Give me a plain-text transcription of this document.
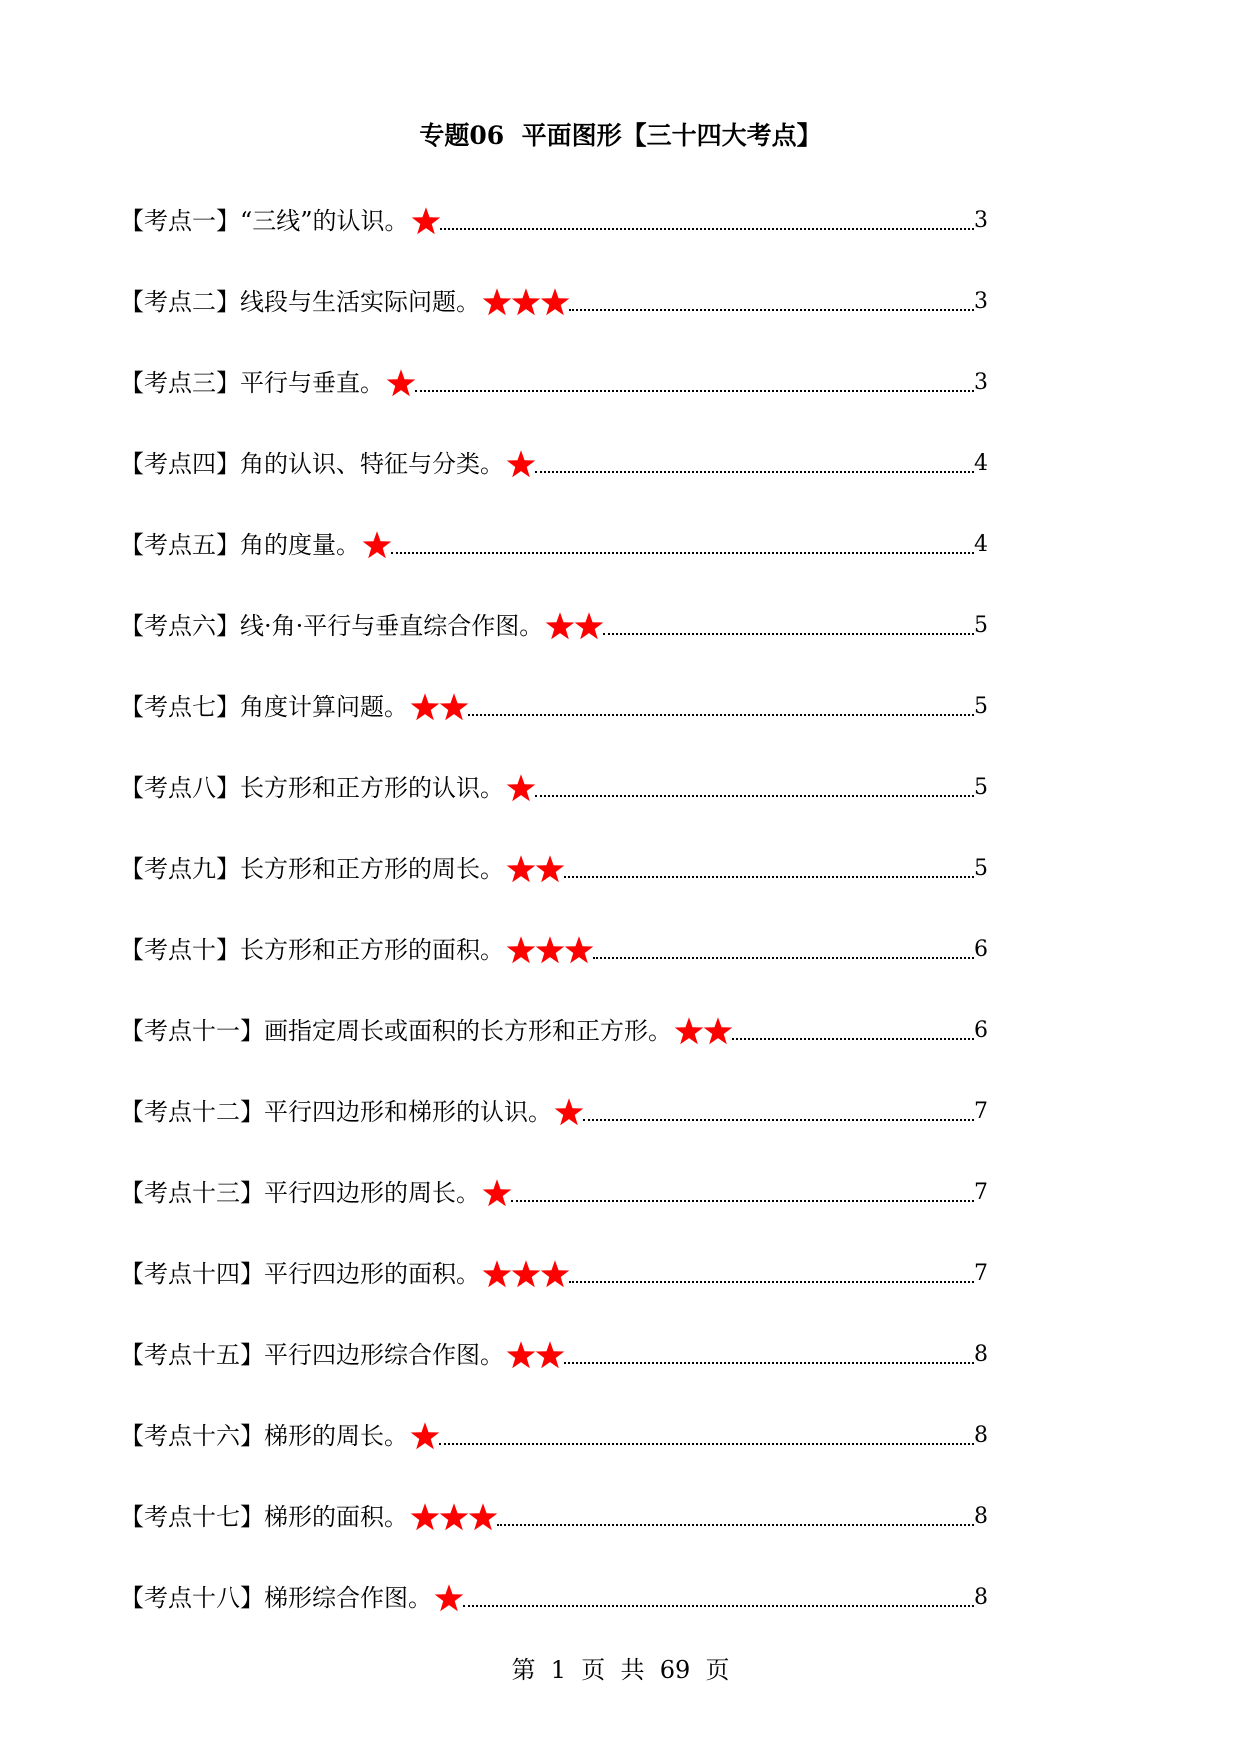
专题06  平面图形【三十四大考点】
【考点一】“三线”的认识。	3
【考点二】线段与生活实际问题。	3
【考点三】平行与垂直。	3
【考点四】角的认识、特征与分类。	4
【考点五】角的度量。	4
【考点六】线·角·平行与垂直综合作图。	5
【考点七】角度计算问题。	5
【考点八】长方形和正方形的认识。	5
【考点九】长方形和正方形的周长。	5
【考点十】长方形和正方形的面积。	6
【考点十一】画指定周长或面积的长方形和正方形。	6
【考点十二】平行四边形和梯形的认识。	7
【考点十三】平行四边形的周长。	7
【考点十四】平行四边形的面积。	7
【考点十五】平行四边形综合作图。	8
【考点十六】梯形的周长。	8
【考点十七】梯形的面积。	8
【考点十八】梯形综合作图。	8
第  1  页  共  69  页
